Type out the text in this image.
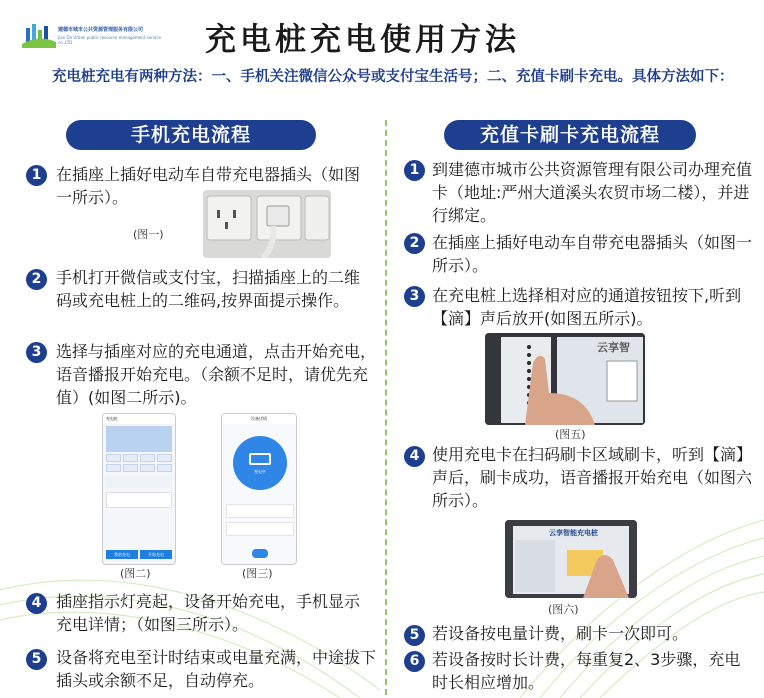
建德市城市公共资源管理服务有限公司
Jian De Urban public resource management service co.,LTD	充电桩充电使用方法
充电桩充电有两种方法：一、手机关注微信公众号或支付宝生活号；二、充值卡刷卡充电。具体方法如下：
手机充电流程	充值卡刷卡充电流程
1 在插座上插好电动车自带充电器插头（如图一所示）。
(图一)
2 手机打开微信或支付宝，扫描插座上的二维码或充电桩上的二维码,按界面提示操作。
3 选择与插座对应的充电通道，点击开始充电，语音播报开始充电。（余额不足时，请优先充值）(如图二所示)。
充电桩
我的充电	开始充电
(图二)
设备详情
充电中
(图三)
4 插座指示灯亮起，设备开始充电，手机显示充电详情；（如图三所示）。
5 设备将充电至计时结束或电量充满，中途拔下插头或余额不足，自动停充。
1 到建德市城市公共资源管理有限公司办理充值卡（地址:严州大道溪头农贸市场二楼），并进行绑定。
2 在插座上插好电动车自带充电器插头（如图一所示）。
3 在充电桩上选择相对应的通道按钮按下,听到【滴】声后放开(如图五所示)。
云享智
(图五)
4 使用充电卡在扫码刷卡区域刷卡，听到【滴】声后，刷卡成功，语音播报开始充电（如图六所示）。
云享智能充电桩
(图六)
5 若设备按电量计费，刷卡一次即可。
6 若设备按时长计费，每重复2、3步骤，充电时长相应增加。
